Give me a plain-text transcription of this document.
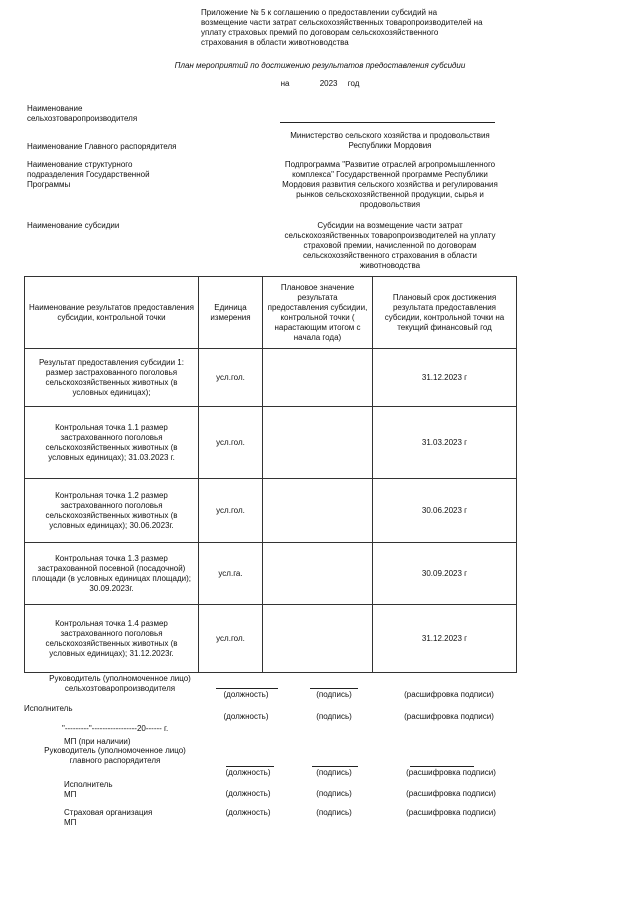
Приложение № 5 к соглашению о предоставлении субсидий на
возмещение части затрат сельскохозяйственных товаропроизводителей на
уплату страховых премий по договорам сельскохозяйственного
страхования в области животноводства
План мероприятий по достижению результатов предоставления субсидии
на	2023 год
Наименование
сельхозтоваропроизводителя
Министерство сельского хозяйства и продовольствия
Республики Мордовия
Наименование Главного распорядителя
Наименование структурного
подразделения Государственной
Программы
Подпрограмма "Развитие отраслей агропромышленного
комплекса" Государственной программе Республики
Мордовия развития сельского хозяйства и регулирования
рынков сельскохозяйственной продукции, сырья и
продовольствия
Наименование субсидии	Субсидии на возмещение части затрат
сельскохозяйственных товаропроизводителей на уплату
страховой премии, начисленной по договорам
сельскохозяйственного страхования в области
животноводства
Наименование результатов предоставления субсидии, контрольной точки	Единица измерения	Плановое значение результата предоставления субсидии, контрольной точки ( нарастающим итогом с начала года)	Плановый срок достижения результата предоставления субсидии, контрольной точки на текущий финансовый год
Результат предоставления субсидии 1: размер застрахованного поголовья сельскохозяйственных животных (в условных единицах);	усл.гол.		31.12.2023 г
Контрольная точка 1.1 размер застрахованного поголовья сельскохозяйственных животных (в условных единицах); 31.03.2023 г.	усл.гол.		31.03.2023 г
Контрольная точка 1.2 размер застрахованного поголовья сельскохозяйственных животных (в условных единицах); 30.06.2023г.	усл.гол.		30.06.2023 г
Контрольная точка 1.3 размер застрахованной посевной (посадочной) площади (в условных единицах площади); 30.09.2023г.	усл.га.		30.09.2023 г
Контрольная точка 1.4 размер застрахованного поголовья сельскохозяйственных животных (в условных единицах); 31.12.2023г.	усл.гол.		31.12.2023 г
Руководитель (уполномоченное лицо)
сельхозтоваропроизводителя
(должность)	(подпись)	(расшифровка подписи)
Исполнитель
(должность)	(подпись)	(расшифровка подписи)
"---------"-----------------20------ г.
МП (при наличии)
Руководитель (уполномоченное лицо)
главного распорядителя
(должность)	(подпись)	(расшифровка подписи)
Исполнитель
МП	(должность)	(подпись)	(расшифровка подписи)
Страховая организация
МП
(должность)	(подпись)	(расшифровка подписи)
